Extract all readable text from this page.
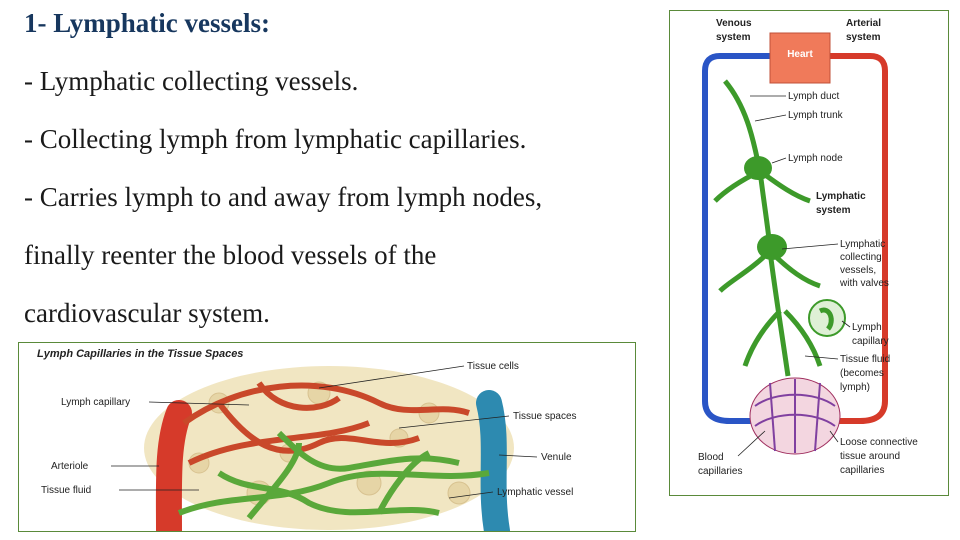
1- Lymphatic vessels:
- Lymphatic collecting vessels.
- Collecting lymph from lymphatic capillaries.
- Carries lymph to and away from lymph nodes,
finally reenter the blood vessels of the
cardiovascular system.
Lymph Capillaries in the Tissue Spaces
Tissue cells
Lymph capillary
Tissue spaces
Arteriole
Venule
Tissue fluid	Lymphatic vessel
Heart
Venous system
Arterial system
Lymph duct
Lymph trunk
Lymph node
Lymphatic system
Lymphatic collecting vessels, with valves
Lymph capillary
Tissue fluid (becomes lymph)
Blood capillaries
Loose connective tissue around capillaries
